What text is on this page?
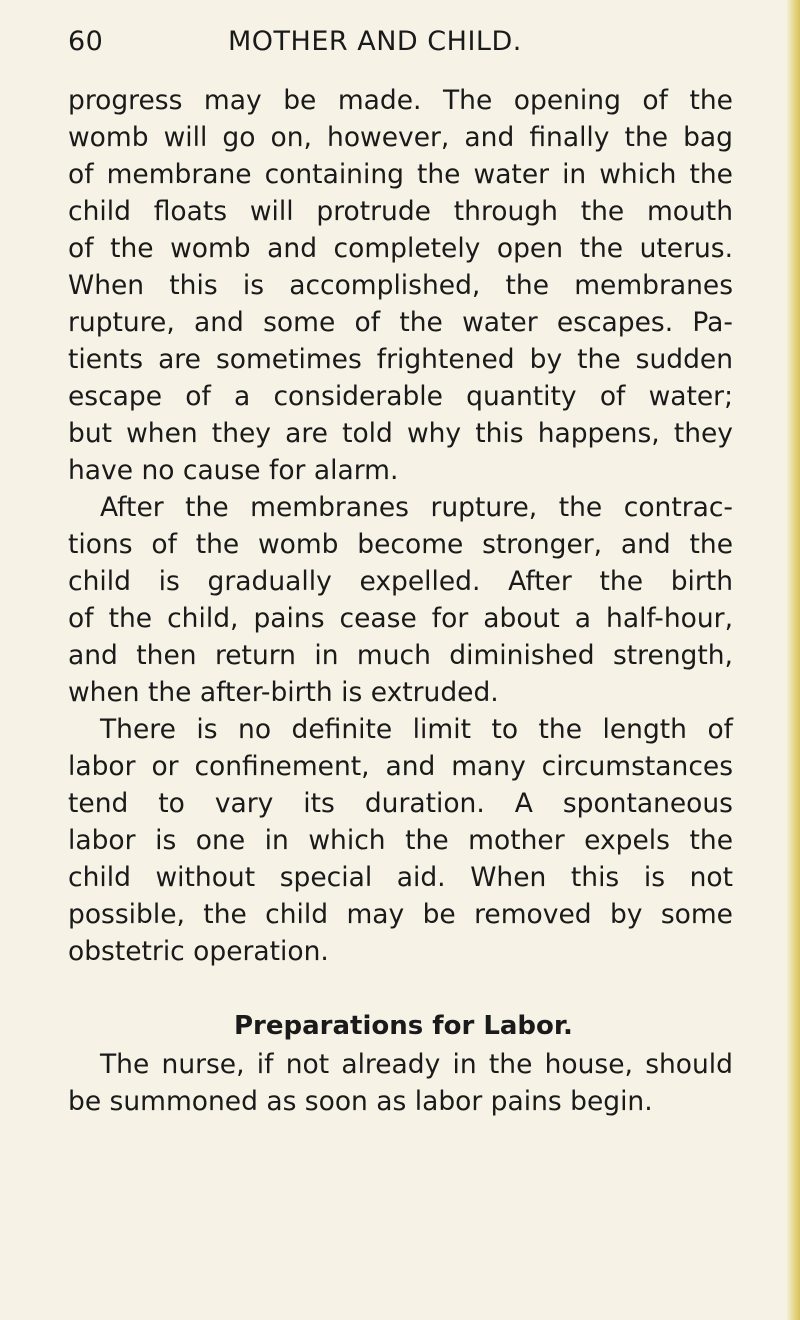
60	MOTHER AND CHILD.
progress may be made. The opening of the
womb will go on, however, and finally the bag
of membrane containing the water in which the
child floats will protrude through the mouth
of the womb and completely open the uterus.
When this is accomplished, the membranes
rupture, and some of the water escapes. Pa-
tients are sometimes frightened by the sudden
escape of a considerable quantity of water;
but when they are told why this happens, they
have no cause for alarm.
After the membranes rupture, the contrac-
tions of the womb become stronger, and the
child is gradually expelled. After the birth
of the child, pains cease for about a half-hour,
and then return in much diminished strength,
when the after-birth is extruded.
There is no definite limit to the length of
labor or confinement, and many circumstances
tend to vary its duration. A spontaneous
labor is one in which the mother expels the
child without special aid. When this is not
possible, the child may be removed by some
obstetric operation.
Preparations for Labor.
The nurse, if not already in the house, should
be summoned as soon as labor pains begin.
